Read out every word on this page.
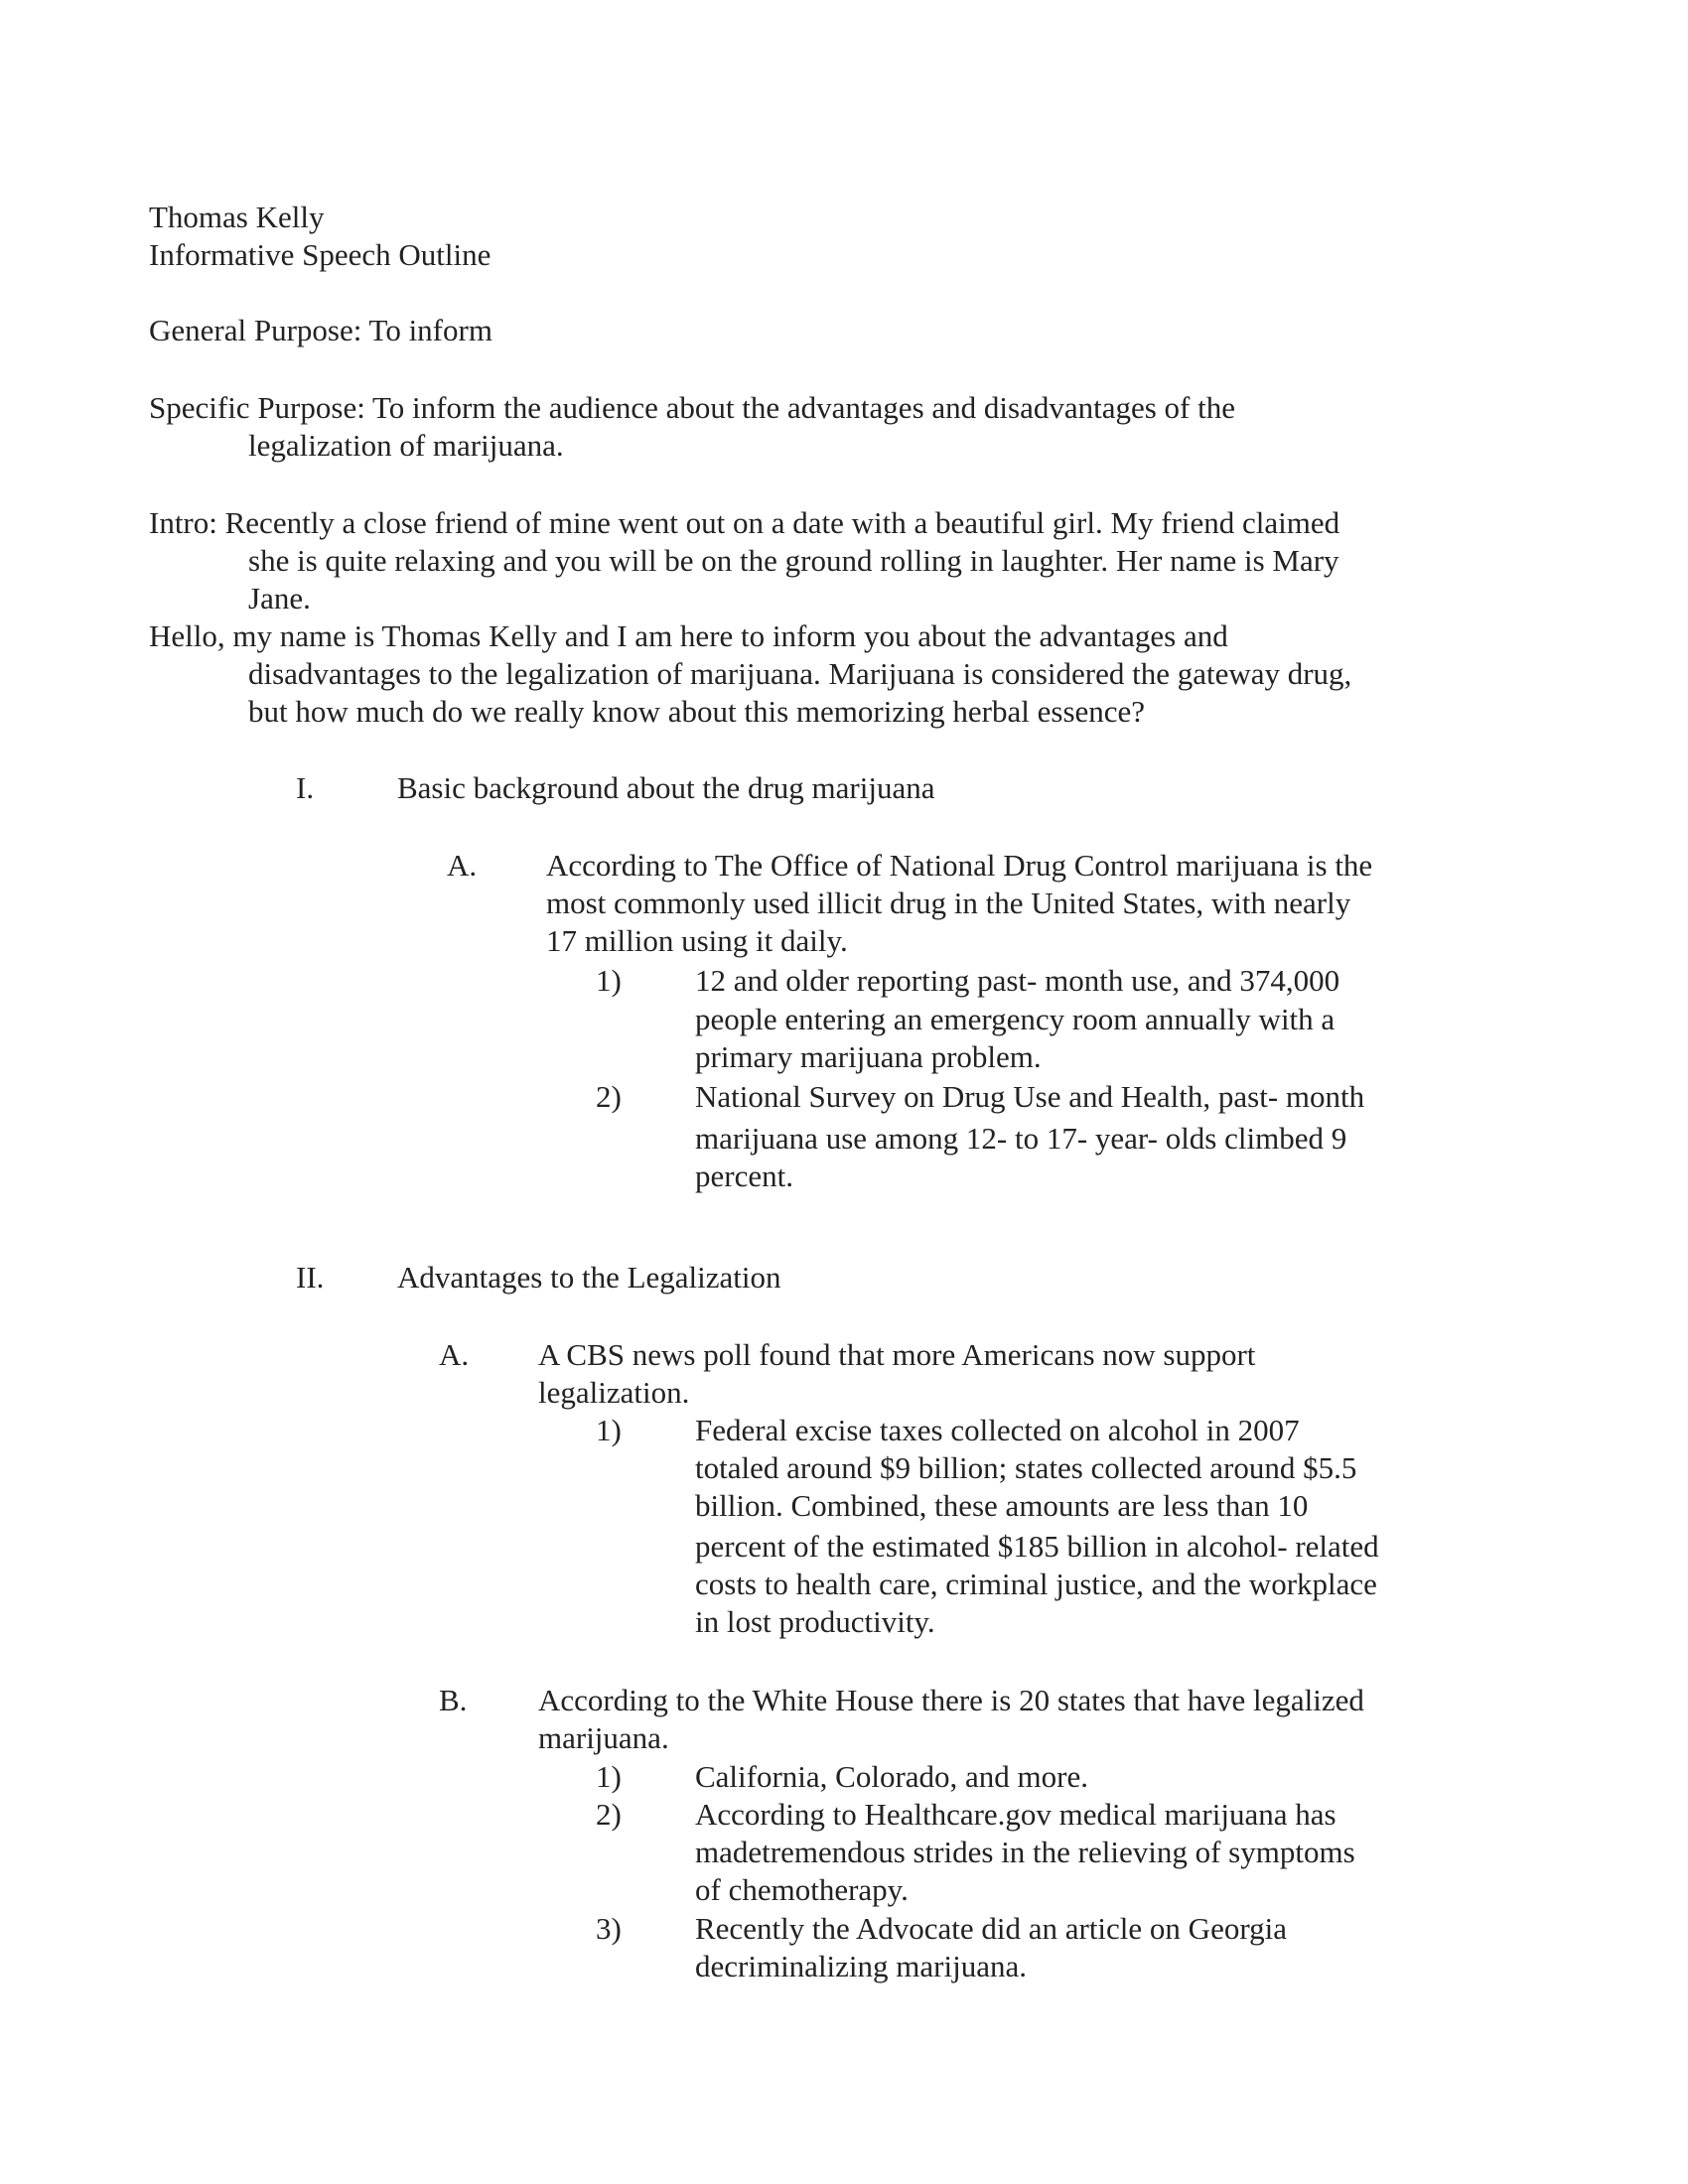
Thomas Kelly
Informative Speech Outline
General Purpose: To inform
Specific Purpose: To inform the audience about the advantages and disadvantages of the
legalization of marijuana.
Intro: Recently a close friend of mine went out on a date with a beautiful girl. My friend claimed
she is quite relaxing and you will be on the ground rolling in laughter. Her name is Mary
Jane.
Hello, my name is Thomas Kelly and I am here to inform you about the advantages and
disadvantages to the legalization of marijuana. Marijuana is considered the gateway drug,
but how much do we really know about this memorizing herbal essence?
I.	Basic background about the drug marijuana
A. According to The Office of National Drug Control marijuana is the
most commonly used illicit drug in the United States, with nearly
17 million using it daily.
1) 12 and older reporting past- month use, and 374,000
people entering an emergency room annually with a
primary marijuana problem.
2) National Survey on Drug Use and Health, past- month
marijuana use among 12- to 17- year- olds climbed 9
percent.
II. Advantages to the Legalization
A. A CBS news poll found that more Americans now support
legalization.
1) Federal excise taxes collected on alcohol in 2007
totaled around $9 billion; states collected around $5.5
billion. Combined, these amounts are less than 10
percent of the estimated $185 billion in alcohol- related
costs to health care, criminal justice, and the workplace
in lost productivity.
B. According to the White House there is 20 states that have legalized
marijuana.
1) California, Colorado, and more.
2) According to Healthcare.gov medical marijuana has
madetremendous strides in the relieving of symptoms
of chemotherapy.
3) Recently the Advocate did an article on Georgia
decriminalizing marijuana.
